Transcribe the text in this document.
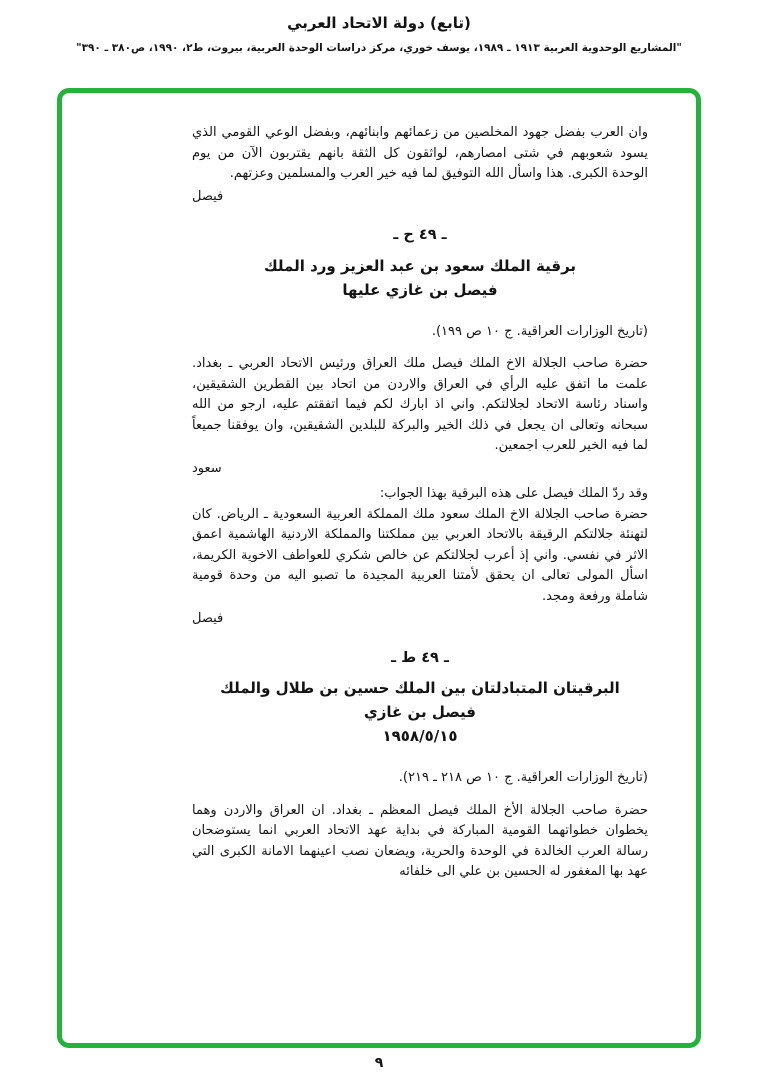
(تابع) دولة الاتحاد العربي
"المشاريع الوحدوية العربية ١٩١٣ ـ ١٩٨٩، يوسف خوري، مركز دراسات الوحدة العربية، بيروت، ط٢، ١٩٩٠، ص٣٨٠ ـ ٣٩٠"

وان العرب بفضل جهود المخلصين من زعمائهم وابنائهم، وبفضل الوعي القومي الذي يسود شعوبهم في شتى امصارهم، لواثقون كل الثقة بانهم يقتربون الآن من يوم الوحدة الكبرى. هذا واسأل الله التوفيق لما فيه خير العرب والمسلمين وعزتهم.

فيصل
ـ ٤٩ ح ـ
برقية الملك سعود بن عبد العزيز ورد الملك
فيصل بن غازي عليها

(تاريخ الوزارات العراقية. ج ١٠ ص ١٩٩).

حضرة صاحب الجلالة الاخ الملك فيصل ملك العراق ورئيس الاتحاد العربي ـ بغداد. علمت ما اتفق عليه الرأي في العراق والاردن من اتحاد بين القطرين الشقيقين، واسناد رئاسة الاتحاد لجلالتكم. واني اذ ابارك لكم فيما اتفقتم عليه، ارجو من الله سبحانه وتعالى ان يجعل في ذلك الخير والبركة للبلدين الشقيقين، وان يوفقنا جميعاً لما فيه الخير للعرب اجمعين.

سعود

وقد ردّ الملك فيصل على هذه البرقية بهذا الجواب:

حضرة صاحب الجلالة الاخ الملك سعود ملك المملكة العربية السعودية ـ الرياض. كان لتهنئة جلالتكم الرقيقة بالاتحاد العربي بين مملكتنا والمملكة الاردنية الهاشمية اعمق الاثر في نفسي. واني إذ أعرب لجلالتكم عن خالص شكري للعواطف الاخوية الكريمة، اسأل المولى تعالى ان يحقق لأمتنا العربية المجيدة ما تصبو اليه من وحدة قومية شاملة ورفعة ومجد.

فيصل
ـ ٤٩ ط ـ
البرقيتان المتبادلتان بين الملك حسين بن طلال والملك
فيصل بن غازي
١٩٥٨/٥/١٥

(تاريخ الوزارات العراقية. ج ١٠ ص ٢١٨ ـ ٢١٩).

حضرة صاحب الجلالة الأخ الملك فيصل المعظم ـ بغداد. ان العراق والاردن وهما يخطوان خطواتهما القومية المباركة في بداية عهد الاتحاد العربي انما يستوضحان رسالة العرب الخالدة في الوحدة والحرية، ويضعان نصب اعينهما الامانة الكبرى التي عهد بها المغفور له الحسين بن علي الى خلفائه

٩
